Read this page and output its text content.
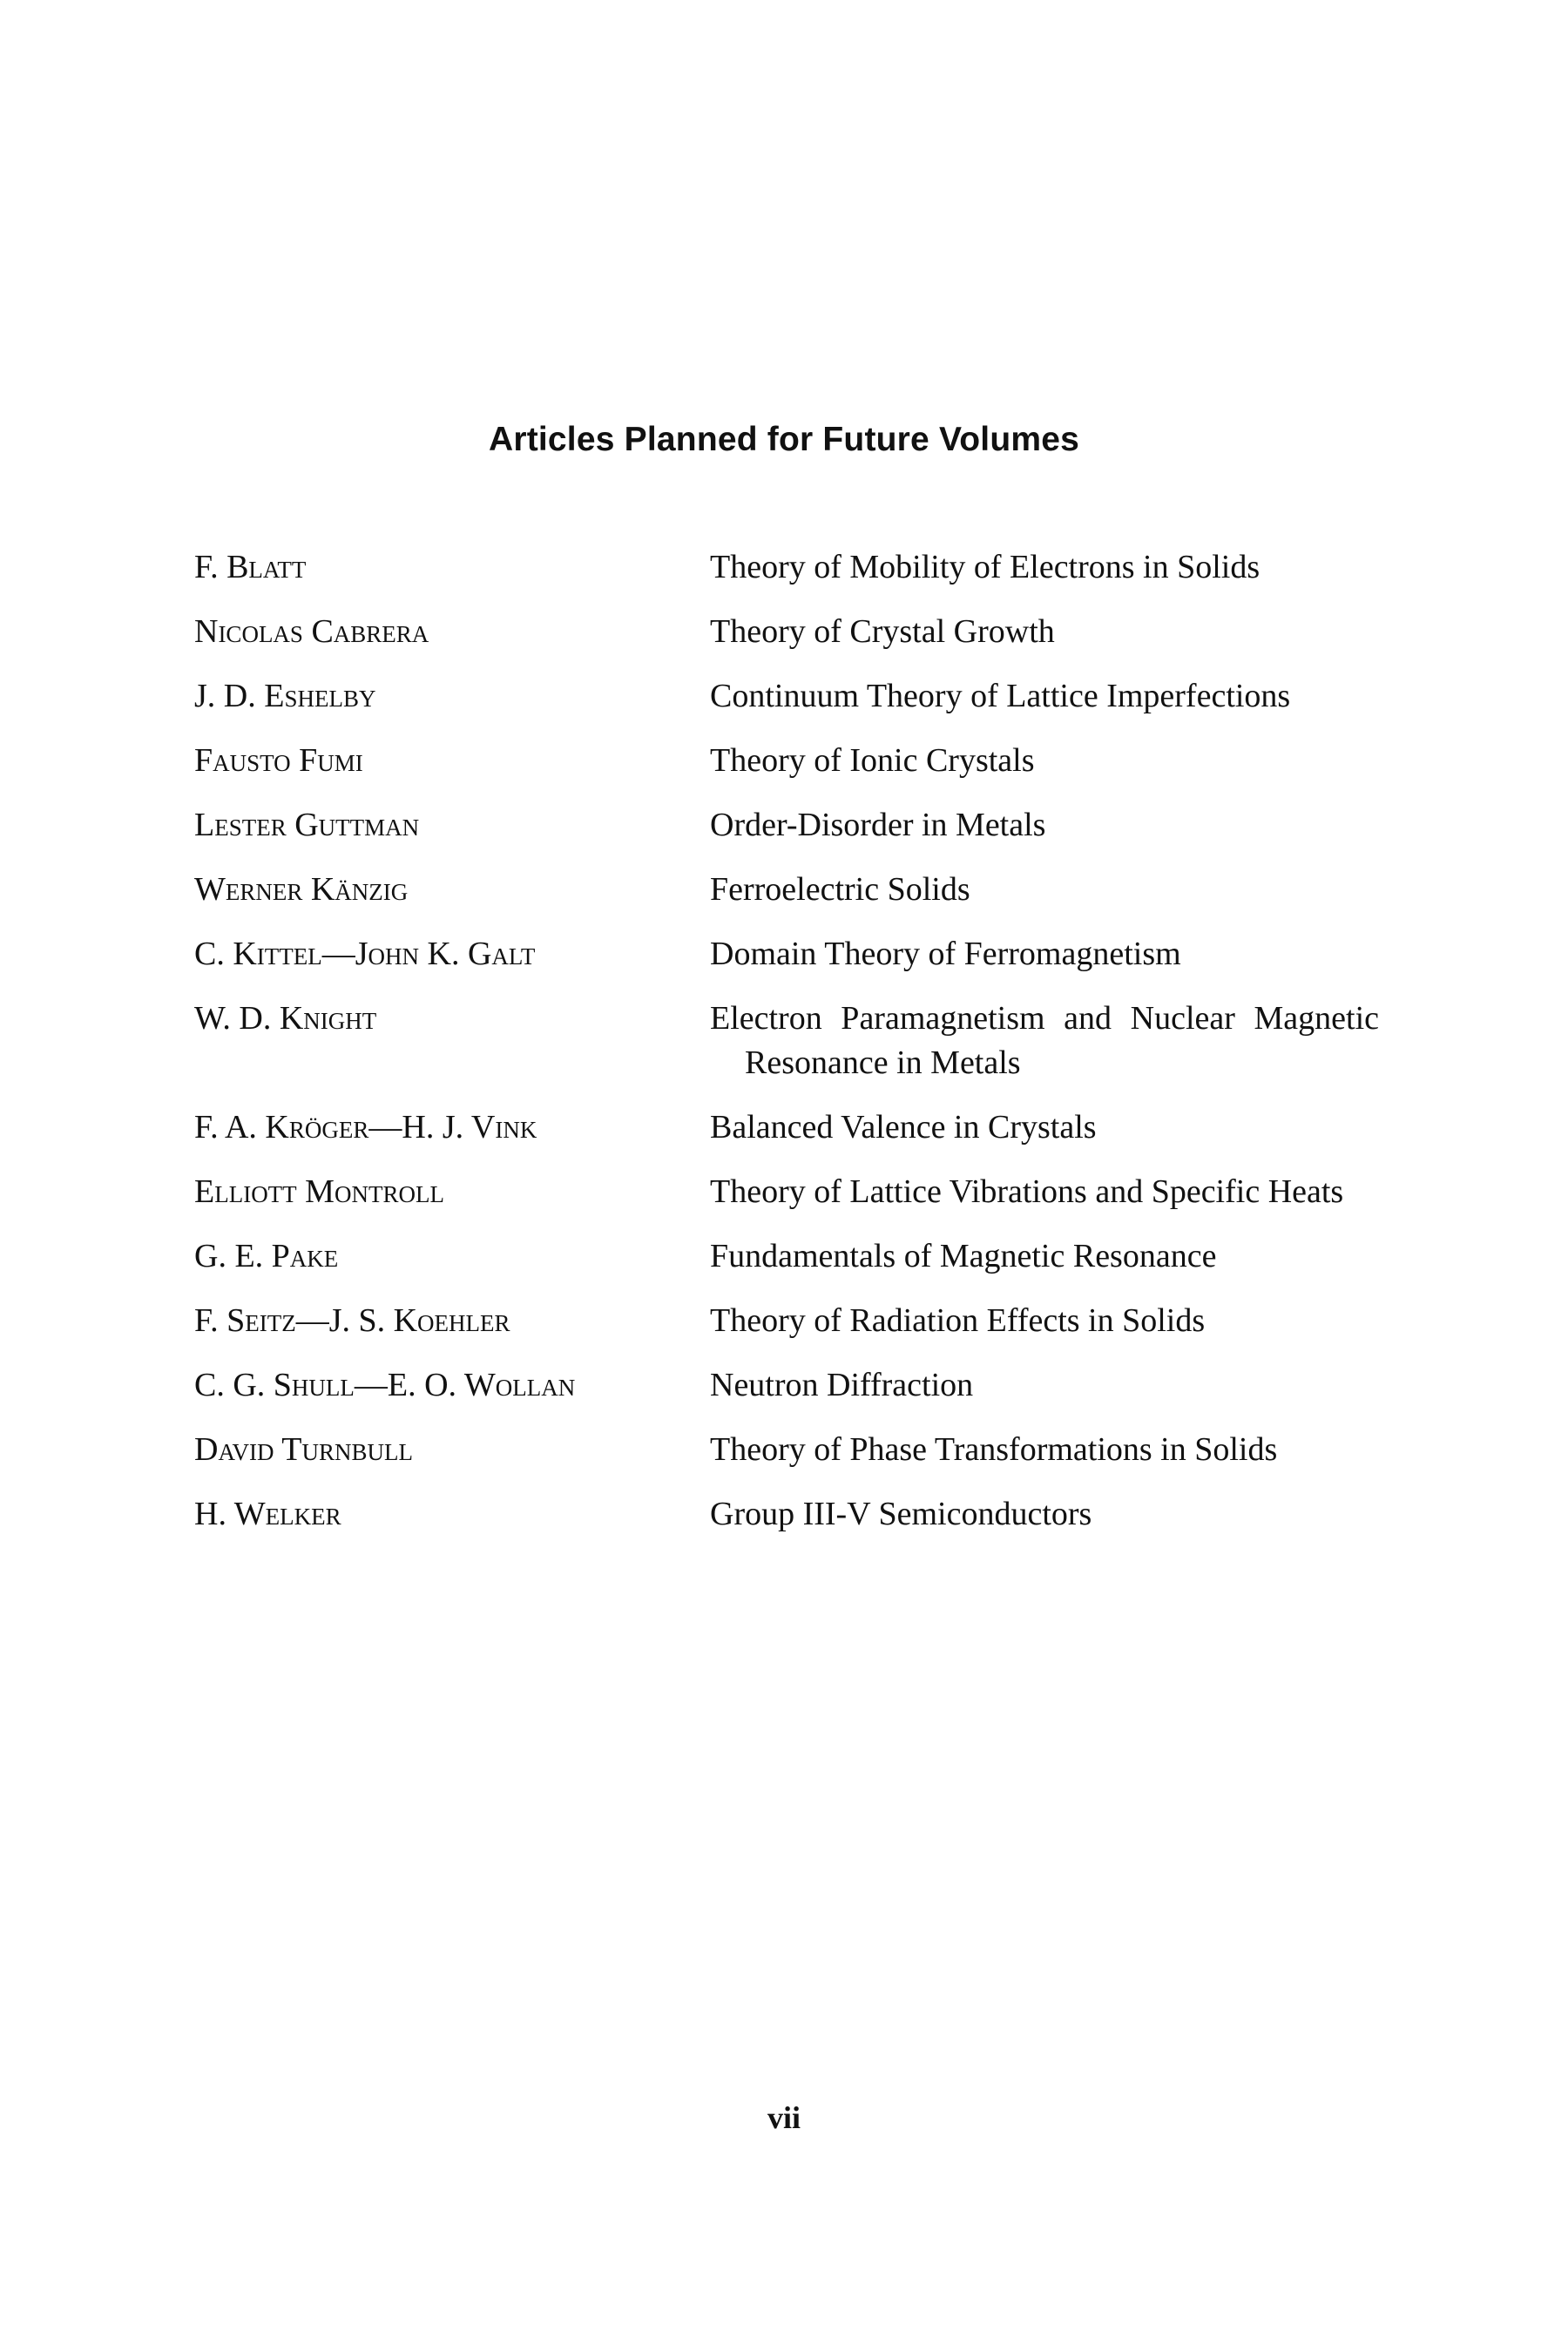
Articles Planned for Future Volumes
F. Blatt	Theory of Mobility of Electrons in Solids
Nicolas Cabrera	Theory of Crystal Growth
J. D. Eshelby	Continuum Theory of Lattice Imperfections
Fausto Fumi	Theory of Ionic Crystals
Lester Guttman	Order-Disorder in Metals
Werner Känzig	Ferroelectric Solids
C. Kittel—John K. Galt	Domain Theory of Ferromagnetism
W. D. Knight	Electron Paramagnetism and Nuclear Magnetic Resonance in Metals
F. A. Kröger—H. J. Vink	Balanced Valence in Crystals
Elliott Montroll	Theory of Lattice Vibrations and Specific Heats
G. E. Pake	Fundamentals of Magnetic Resonance
F. Seitz—J. S. Koehler	Theory of Radiation Effects in Solids
C. G. Shull—E. O. Wollan	Neutron Diffraction
David Turnbull	Theory of Phase Transformations in Solids
H. Welker	Group III-V Semiconductors
vii
